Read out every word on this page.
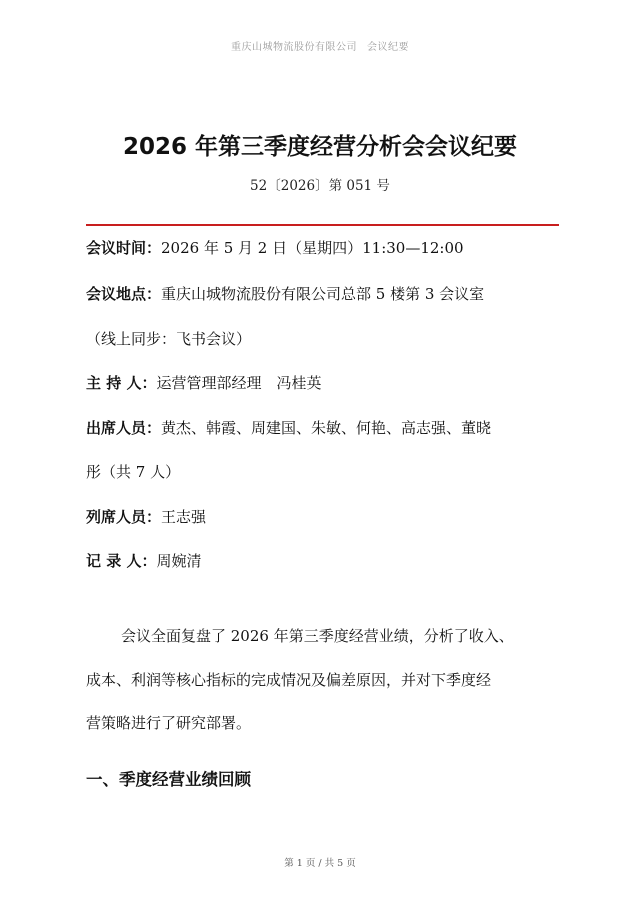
重庆山城物流股份有限公司 会议纪要
2026 年第三季度经营分析会会议纪要
52〔2026〕第 051 号
会议时间：2026 年 5 月 2 日（星期四）11:30—12:00
会议地点：重庆山城物流股份有限公司总部 5 楼第 3 会议室
（线上同步：飞书会议）
主 持 人：运营管理部经理　冯桂英
出席人员：黄杰、韩霞、周建国、朱敏、何艳、高志强、董晓
彤（共 7 人）
列席人员：王志强
记 录 人：周婉清
会议全面复盘了 2026 年第三季度经营业绩，分析了收入、
成本、利润等核心指标的完成情况及偏差原因，并对下季度经
营策略进行了研究部署。
一、季度经营业绩回顾
第 1 页 / 共 5 页
